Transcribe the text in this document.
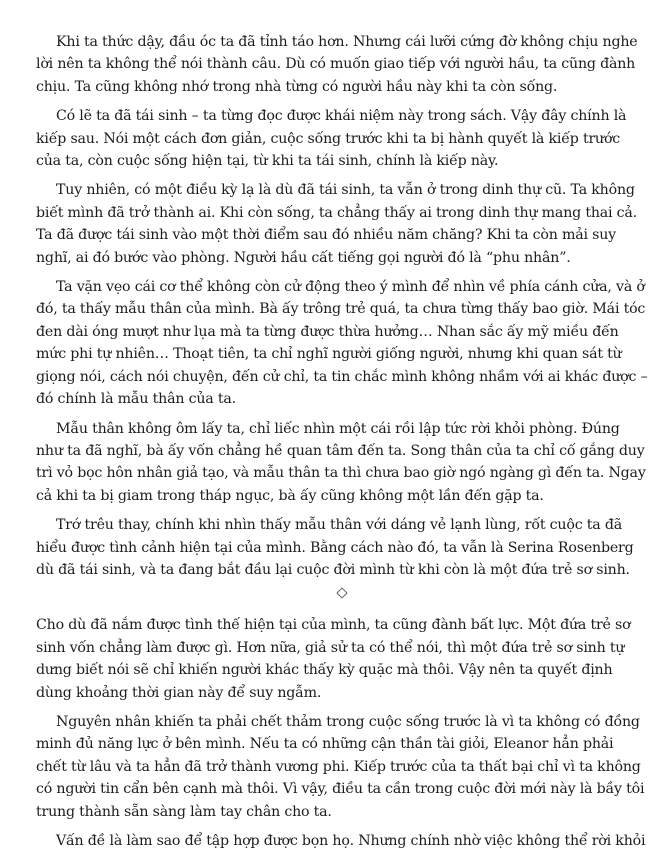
Khi ta thức dậy, đầu óc ta đã tỉnh táo hơn. Nhưng cái lưỡi cứng đờ không chịu nghe lời nên ta không thể nói thành câu. Dù có muốn giao tiếp với người hầu, ta cũng đành chịu. Ta cũng không nhớ trong nhà từng có người hầu này khi ta còn sống.

Có lẽ ta đã tái sinh – ta từng đọc được khái niệm này trong sách. Vậy đây chính là kiếp sau. Nói một cách đơn giản, cuộc sống trước khi ta bị hành quyết là kiếp trước của ta, còn cuộc sống hiện tại, từ khi ta tái sinh, chính là kiếp này.

Tuy nhiên, có một điều kỳ lạ là dù đã tái sinh, ta vẫn ở trong dinh thự cũ. Ta không biết mình đã trở thành ai. Khi còn sống, ta chẳng thấy ai trong dinh thự mang thai cả. Ta đã được tái sinh vào một thời điểm sau đó nhiều năm chăng? Khi ta còn mải suy nghĩ, ai đó bước vào phòng. Người hầu cất tiếng gọi người đó là “phu nhân”.

Ta vặn vẹo cái cơ thể không còn cử động theo ý mình để nhìn về phía cánh cửa, và ở đó, ta thấy mẫu thân của mình. Bà ấy trông trẻ quá, ta chưa từng thấy bao giờ. Mái tóc đen dài óng mượt như lụa mà ta từng được thừa hưởng… Nhan sắc ấy mỹ miều đến mức phi tự nhiên… Thoạt tiên, ta chỉ nghĩ người giống người, nhưng khi quan sát từ giọng nói, cách nói chuyện, đến cử chỉ, ta tin chắc mình không nhầm với ai khác được – đó chính là mẫu thân của ta.

Mẫu thân không ôm lấy ta, chỉ liếc nhìn một cái rồi lập tức rời khỏi phòng. Đúng như ta đã nghĩ, bà ấy vốn chẳng hề quan tâm đến ta. Song thân của ta chỉ cố gắng duy trì vỏ bọc hôn nhân giả tạo, và mẫu thân ta thì chưa bao giờ ngó ngàng gì đến ta. Ngay cả khi ta bị giam trong tháp ngục, bà ấy cũng không một lần đến gặp ta.

Trớ trêu thay, chính khi nhìn thấy mẫu thân với dáng vẻ lạnh lùng, rốt cuộc ta đã hiểu được tình cảnh hiện tại của mình. Bằng cách nào đó, ta vẫn là Serina Rosenberg dù đã tái sinh, và ta đang bắt đầu lại cuộc đời mình từ khi còn là một đứa trẻ sơ sinh.

Cho dù đã nắm được tình thế hiện tại của mình, ta cũng đành bất lực. Một đứa trẻ sơ sinh vốn chẳng làm được gì. Hơn nữa, giả sử ta có thể nói, thì một đứa trẻ sơ sinh tự dưng biết nói sẽ chỉ khiến người khác thấy kỳ quặc mà thôi. Vậy nên ta quyết định dùng khoảng thời gian này để suy ngẫm.

Nguyên nhân khiến ta phải chết thảm trong cuộc sống trước là vì ta không có đồng minh đủ năng lực ở bên mình. Nếu ta có những cận thần tài giỏi, Eleanor hẳn phải chết từ lâu và ta hẳn đã trở thành vương phi. Kiếp trước của ta thất bại chỉ vì ta không có người tin cẩn bên cạnh mà thôi. Vì vậy, điều ta cần trong cuộc đời mới này là bầy tôi trung thành sẵn sàng làm tay chân cho ta.

Vấn đề là làm sao để tập hợp được bọn họ. Nhưng chính nhờ việc không thể rời khỏi
